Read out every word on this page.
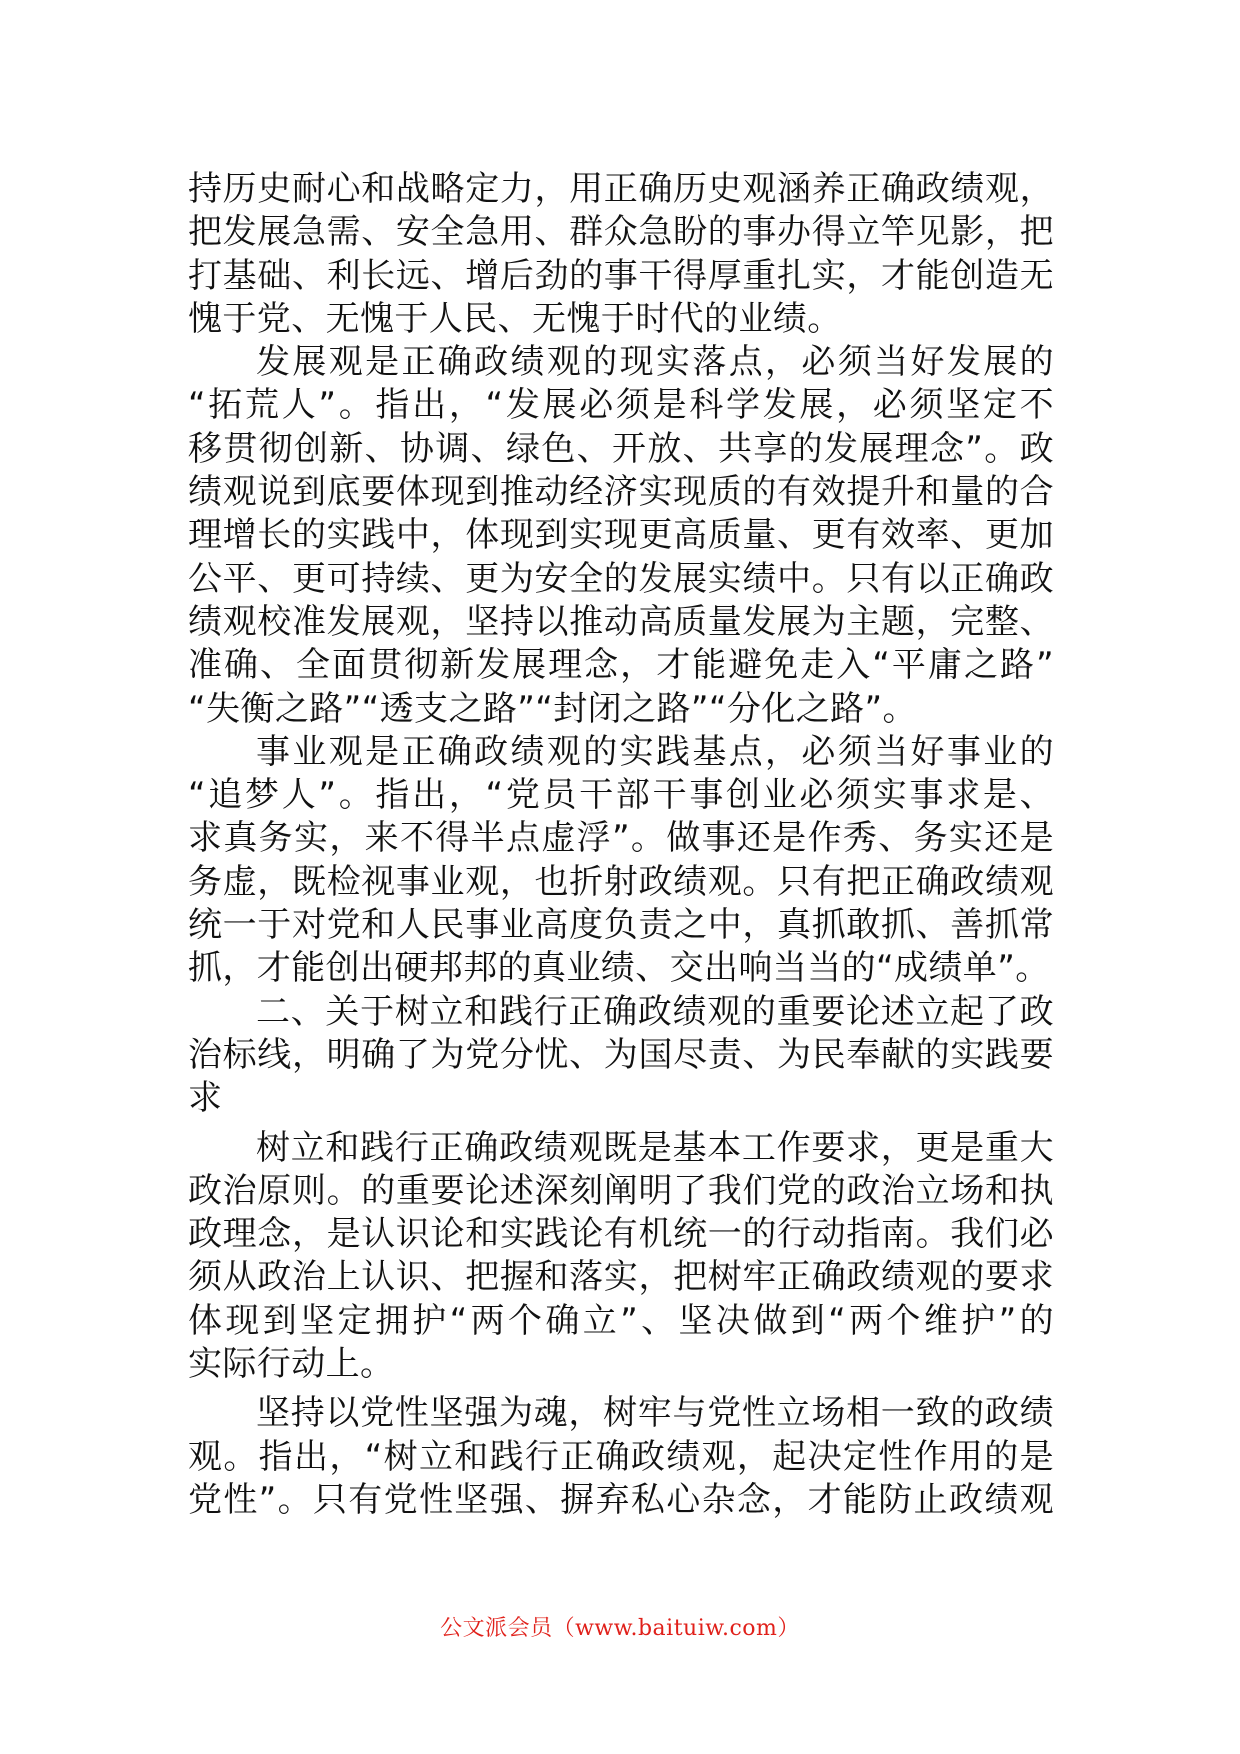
持历史耐心和战略定力，用正确历史观涵养正确政绩观，
把发展急需、安全急用、群众急盼的事办得立竿见影，把
打基础、利长远、增后劲的事干得厚重扎实，才能创造无
愧于党、无愧于人民、无愧于时代的业绩。
发展观是正确政绩观的现实落点，必须当好发展的
“拓荒人”。指出，“发展必须是科学发展，必须坚定不
移贯彻创新、协调、绿色、开放、共享的发展理念”。政
绩观说到底要体现到推动经济实现质的有效提升和量的合
理增长的实践中，体现到实现更高质量、更有效率、更加
公平、更可持续、更为安全的发展实绩中。只有以正确政
绩观校准发展观，坚持以推动高质量发展为主题，完整、
准确、全面贯彻新发展理念，才能避免走入“平庸之路”
“失衡之路”“透支之路”“封闭之路”“分化之路”。
事业观是正确政绩观的实践基点，必须当好事业的
“追梦人”。指出，“党员干部干事创业必须实事求是、
求真务实，来不得半点虚浮”。做事还是作秀、务实还是
务虚，既检视事业观，也折射政绩观。只有把正确政绩观
统一于对党和人民事业高度负责之中，真抓敢抓、善抓常
抓，才能创出硬邦邦的真业绩、交出响当当的“成绩单”。
二、关于树立和践行正确政绩观的重要论述立起了政
治标线，明确了为党分忧、为国尽责、为民奉献的实践要
求
树立和践行正确政绩观既是基本工作要求，更是重大
政治原则。的重要论述深刻阐明了我们党的政治立场和执
政理念，是认识论和实践论有机统一的行动指南。我们必
须从政治上认识、把握和落实，把树牢正确政绩观的要求
体现到坚定拥护“两个确立”、坚决做到“两个维护”的
实际行动上。
坚持以党性坚强为魂，树牢与党性立场相一致的政绩
观。指出，“树立和践行正确政绩观，起决定性作用的是
党性”。只有党性坚强、摒弃私心杂念，才能防止政绩观
公文派会员（www.baituiw.com）
